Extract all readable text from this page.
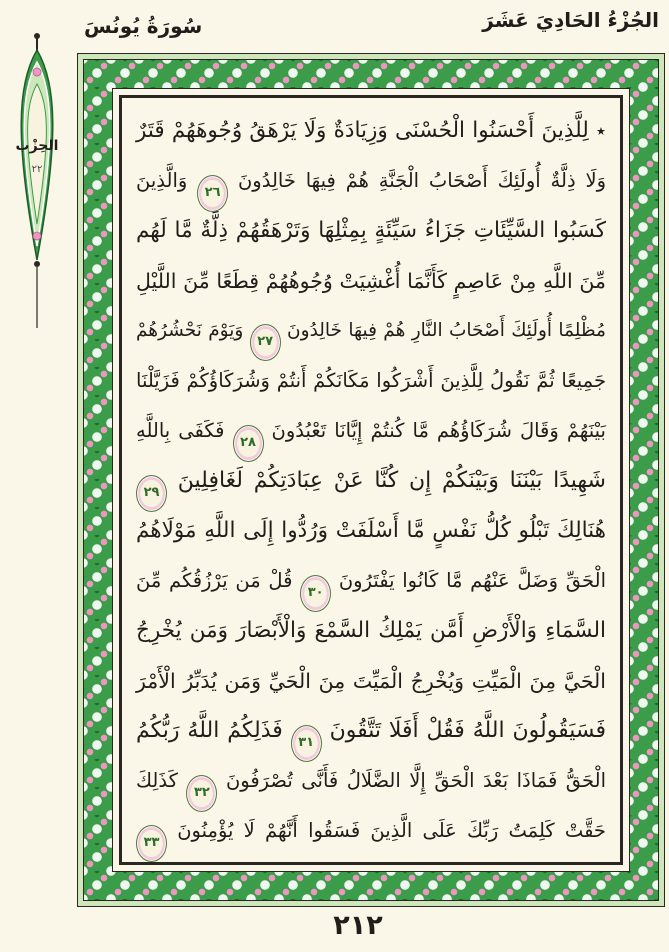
الجُزْءُ الحَادِيَ عَشَرَ
سُورَةُ يُونُسَ
الحِزْب
٢٢
٭ لِلَّذِينَ أَحْسَنُوا الْحُسْنَى وَزِيَادَةٌ وَلَا يَرْهَقُ وُجُوهَهُمْ قَتَرٌ
وَلَا ذِلَّةٌ أُولَئِكَ أَصْحَابُ الْجَنَّةِ هُمْ فِيهَا خَالِدُونَ
٢٦
وَالَّذِينَ
كَسَبُوا السَّيِّئَاتِ جَزَاءُ سَيِّئَةٍ بِمِثْلِهَا وَتَرْهَقُهُمْ ذِلَّةٌ مَّا لَهُم
مِّنَ اللَّهِ مِنْ عَاصِمٍ كَأَنَّمَا أُغْشِيَتْ وُجُوهُهُمْ قِطَعًا مِّنَ اللَّيْلِ
مُظْلِمًا أُولَئِكَ أَصْحَابُ النَّارِ هُمْ فِيهَا خَالِدُونَ
٢٧
وَيَوْمَ نَحْشُرُهُمْ
جَمِيعًا ثُمَّ نَقُولُ لِلَّذِينَ أَشْرَكُوا مَكَانَكُمْ أَنتُمْ وَشُرَكَاؤُكُمْ فَزَيَّلْنَا
بَيْنَهُمْ وَقَالَ شُرَكَاؤُهُم مَّا كُنتُمْ إِيَّانَا تَعْبُدُونَ
٢٨
فَكَفَى بِاللَّهِ
شَهِيدًا بَيْنَنَا وَبَيْنَكُمْ إِن كُنَّا عَنْ عِبَادَتِكُمْ لَغَافِلِينَ
٢٩
هُنَالِكَ تَبْلُو كُلُّ نَفْسٍ مَّا أَسْلَفَتْ وَرُدُّوا إِلَى اللَّهِ مَوْلَاهُمُ
الْحَقِّ وَضَلَّ عَنْهُم مَّا كَانُوا يَفْتَرُونَ
٣٠
قُلْ مَن يَرْزُقُكُم مِّنَ
السَّمَاءِ وَالْأَرْضِ أَمَّن يَمْلِكُ السَّمْعَ وَالْأَبْصَارَ وَمَن يُخْرِجُ
الْحَيَّ مِنَ الْمَيِّتِ وَيُخْرِجُ الْمَيِّتَ مِنَ الْحَيِّ وَمَن يُدَبِّرُ الْأَمْرَ
فَسَيَقُولُونَ اللَّهُ فَقُلْ أَفَلَا تَتَّقُونَ
٣١
فَذَلِكُمُ اللَّهُ رَبُّكُمُ
الْحَقُّ فَمَاذَا بَعْدَ الْحَقِّ إِلَّا الضَّلَالُ فَأَنَّى تُصْرَفُونَ
٣٢
كَذَلِكَ
حَقَّتْ كَلِمَتُ رَبِّكَ عَلَى الَّذِينَ فَسَقُوا أَنَّهُمْ لَا يُؤْمِنُونَ
٣٣
٢١٢
